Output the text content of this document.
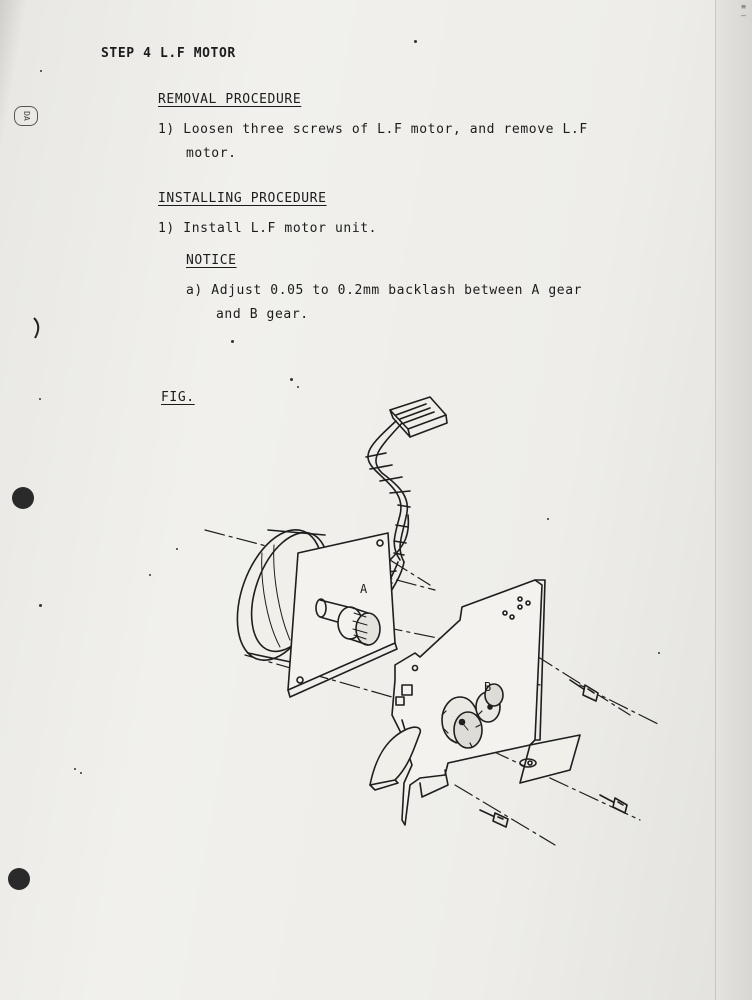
≡
—
DA
STEP 4 L.F MOTOR
REMOVAL PROCEDURE
1) Loosen three screws of L.F motor, and remove L.F
motor.
INSTALLING PROCEDURE
1) Install L.F motor unit.
NOTICE
a) Adjust 0.05 to 0.2mm backlash between A gear
and B gear.
FIG.
A
B
